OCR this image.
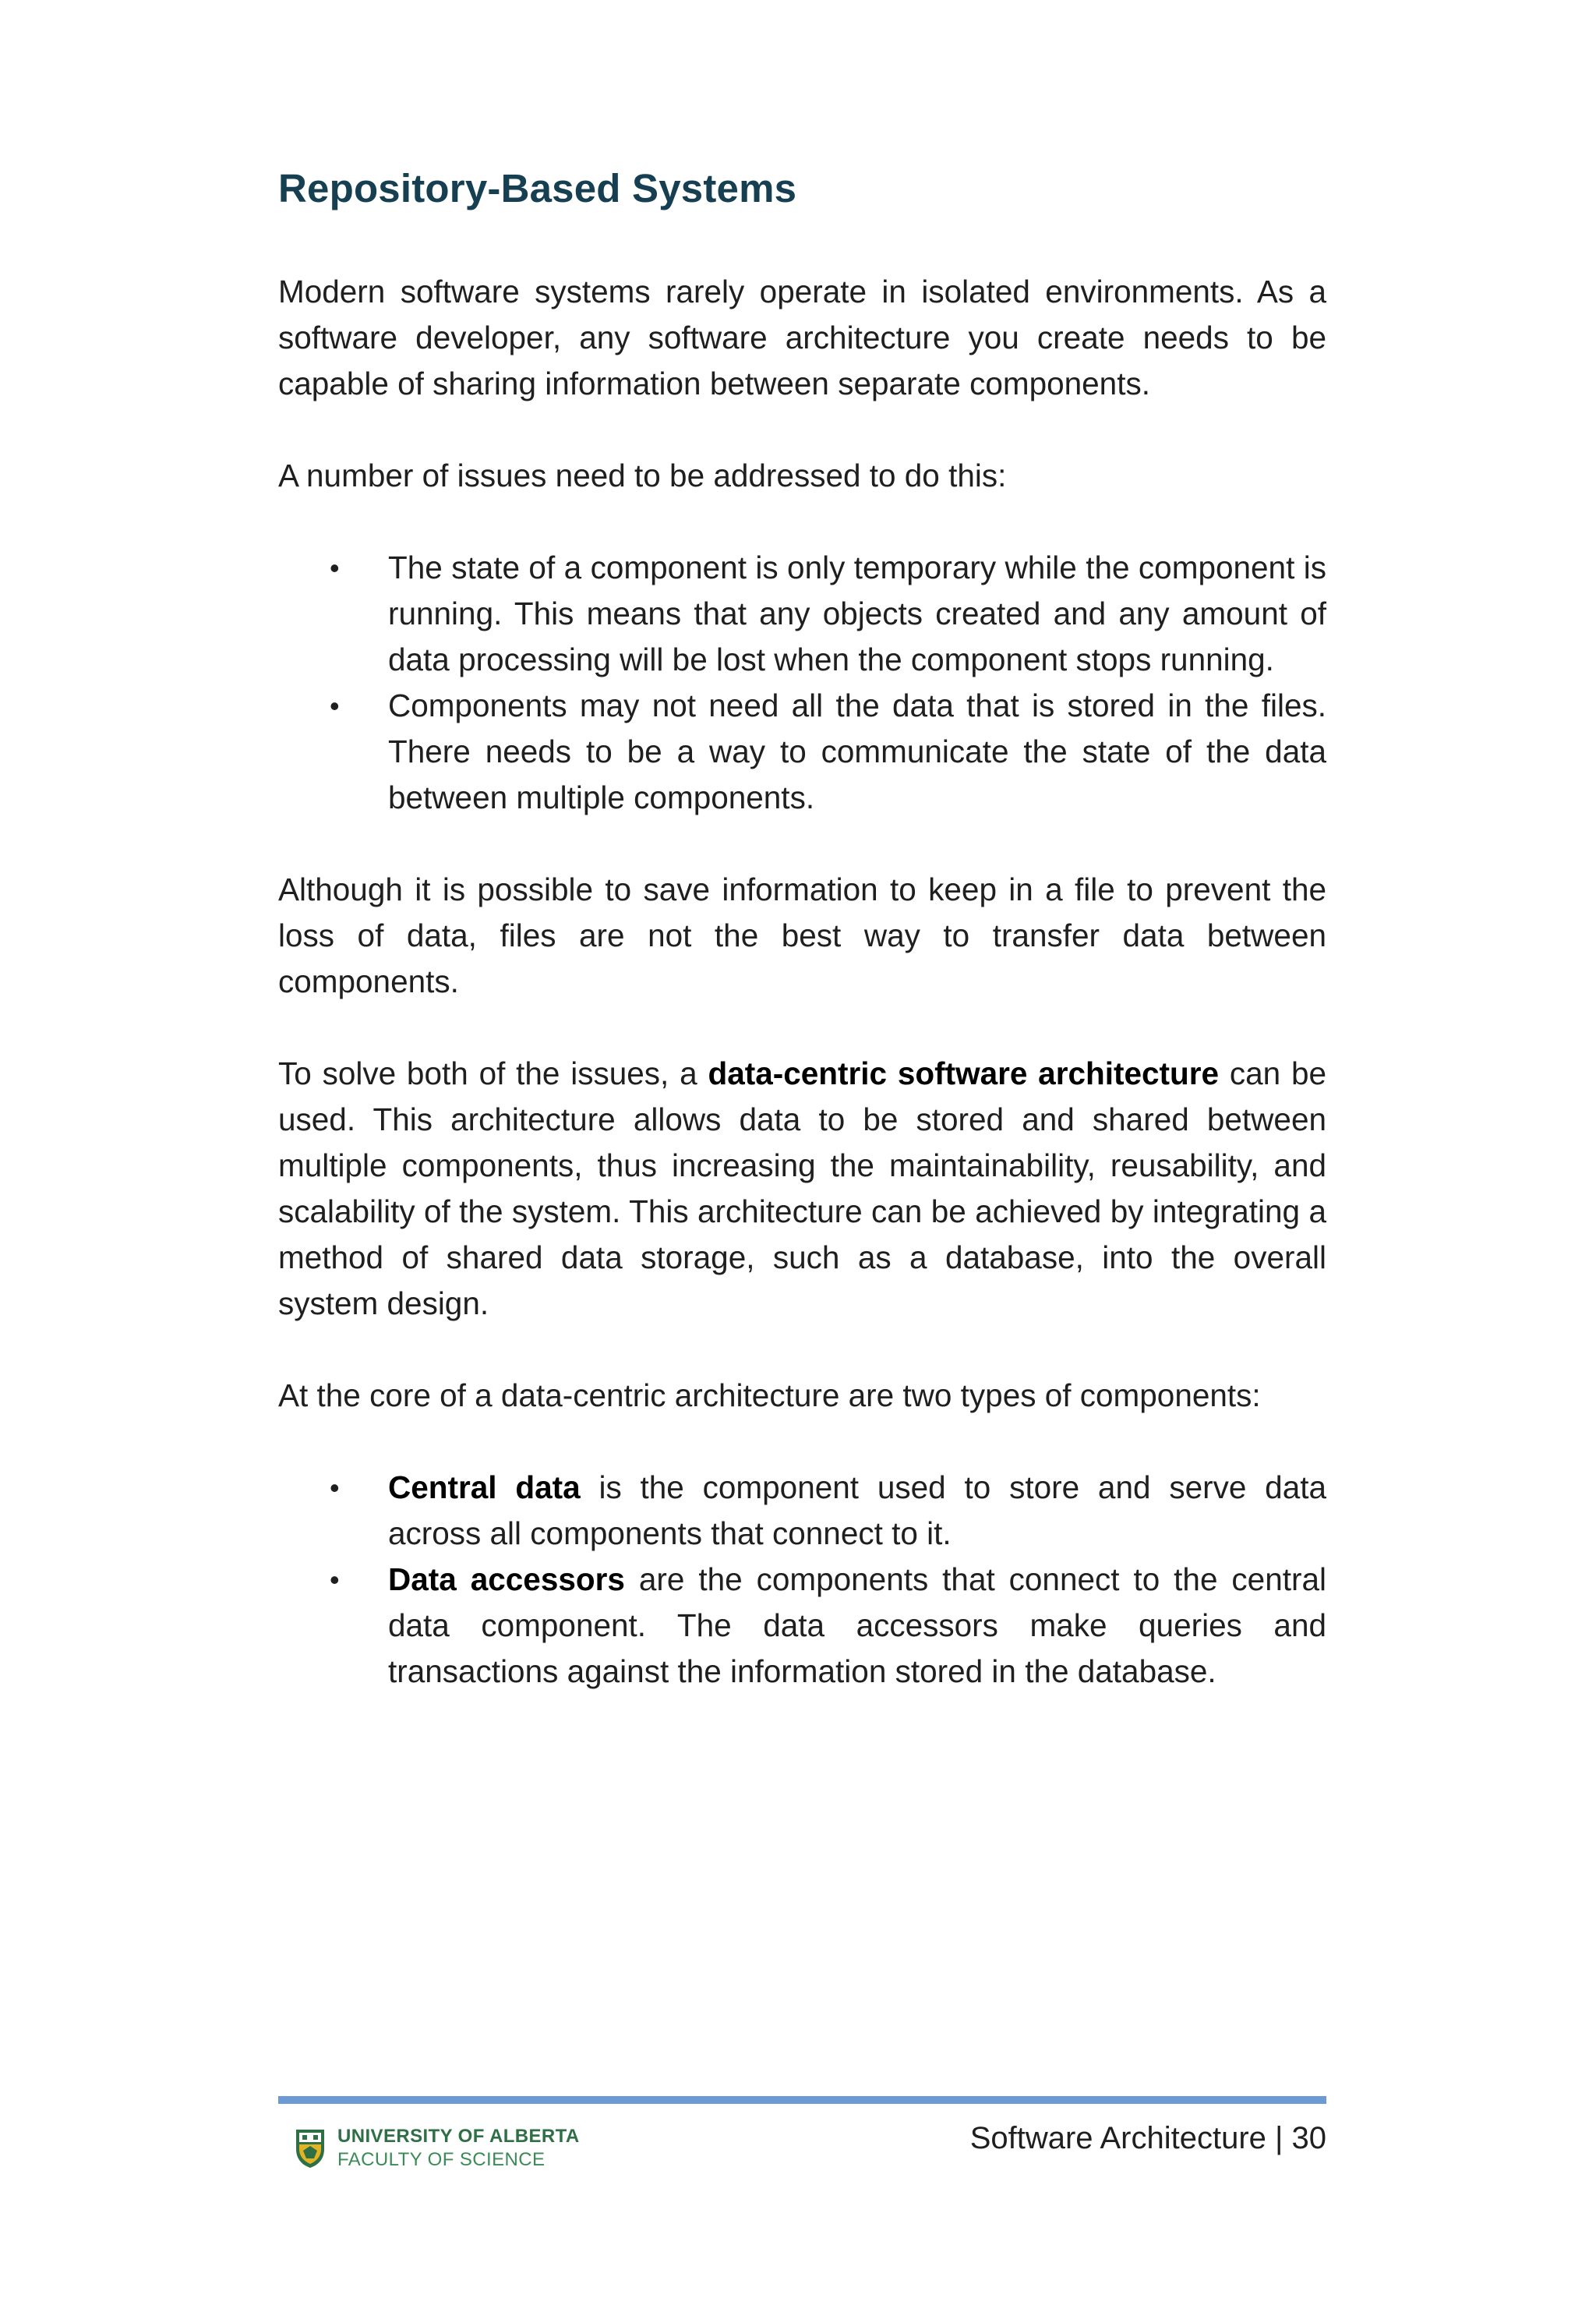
Repository-Based Systems

Modern software systems rarely operate in isolated environments. As a software developer, any software architecture you create needs to be capable of sharing information between separate components.

A number of issues need to be addressed to do this:

• The state of a component is only temporary while the component is running. This means that any objects created and any amount of data processing will be lost when the component stops running.
• Components may not need all the data that is stored in the files. There needs to be a way to communicate the state of the data between multiple components.

Although it is possible to save information to keep in a file to prevent the loss of data, files are not the best way to transfer data between components.

To solve both of the issues, a data-centric software architecture can be used. This architecture allows data to be stored and shared between multiple components, thus increasing the maintainability, reusability, and scalability of the system. This architecture can be achieved by integrating a method of shared data storage, such as a database, into the overall system design.

At the core of a data-centric architecture are two types of components:

• Central data is the component used to store and serve data across all components that connect to it.
• Data accessors are the components that connect to the central data component. The data accessors make queries and transactions against the information stored in the database.
UNIVERSITY OF ALBERTA
FACULTY OF SCIENCE
Software Architecture | 30
